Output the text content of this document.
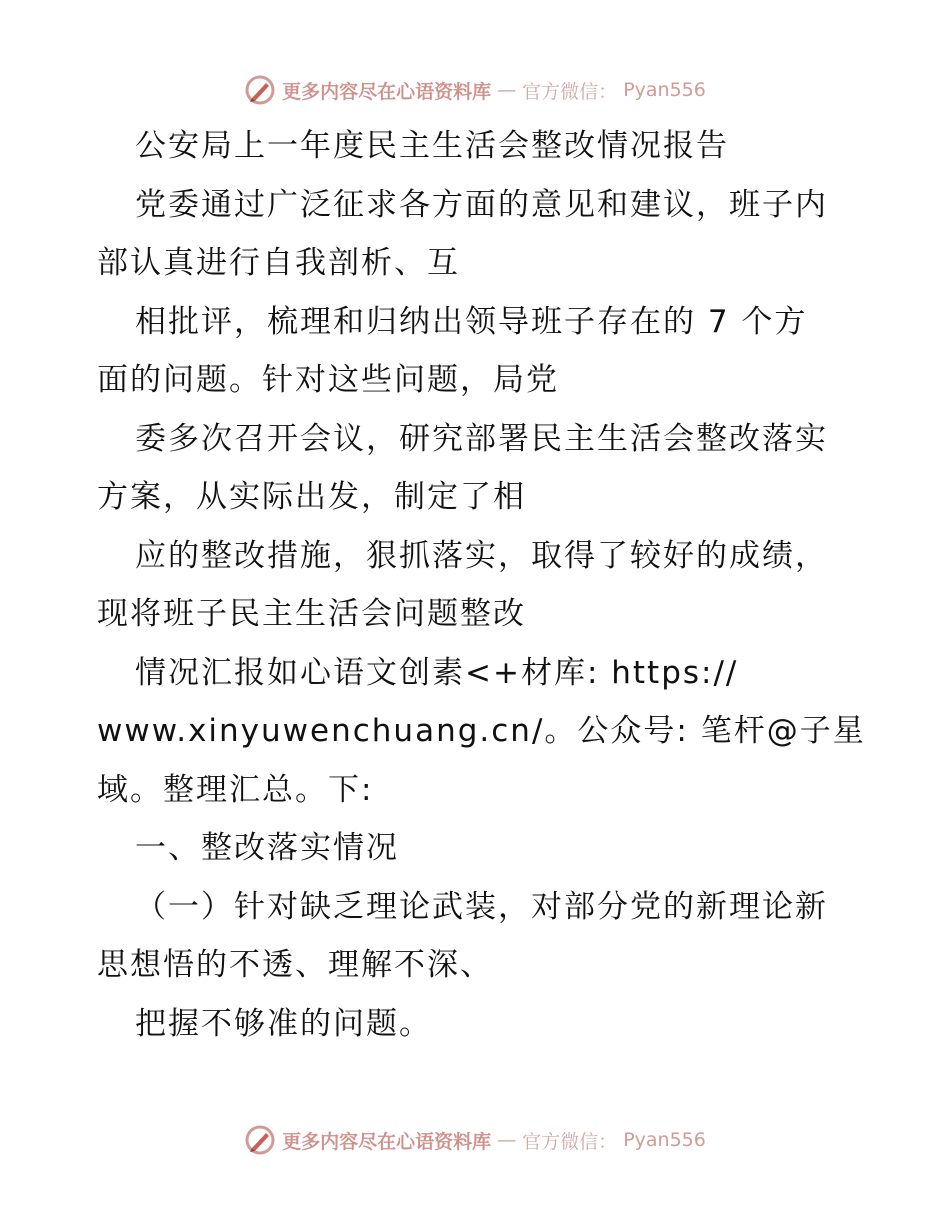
更多内容尽在心语资料库 — 官方微信： Pyan556
公安局上一年度民主生活会整改情况报告
党委通过广泛征求各方面的意见和建议，班子内
部认真进行自我剖析、互
相批评，梳理和归纳出领导班子存在的 7 个方
面的问题。针对这些问题，局党
委多次召开会议，研究部署民主生活会整改落实
方案，从实际出发，制定了相
应的整改措施，狠抓落实，取得了较好的成绩，
现将班子民主生活会问题整改
情况汇报如心语文创素<+材库: https://
www.xinyuwenchuang.cn/。公众号: 笔杆@子星
域。整理汇总。下:
一、整改落实情况
（一）针对缺乏理论武装，对部分党的新理论新
思想悟的不透、理解不深、
把握不够准的问题。
更多内容尽在心语资料库 — 官方微信： Pyan556
